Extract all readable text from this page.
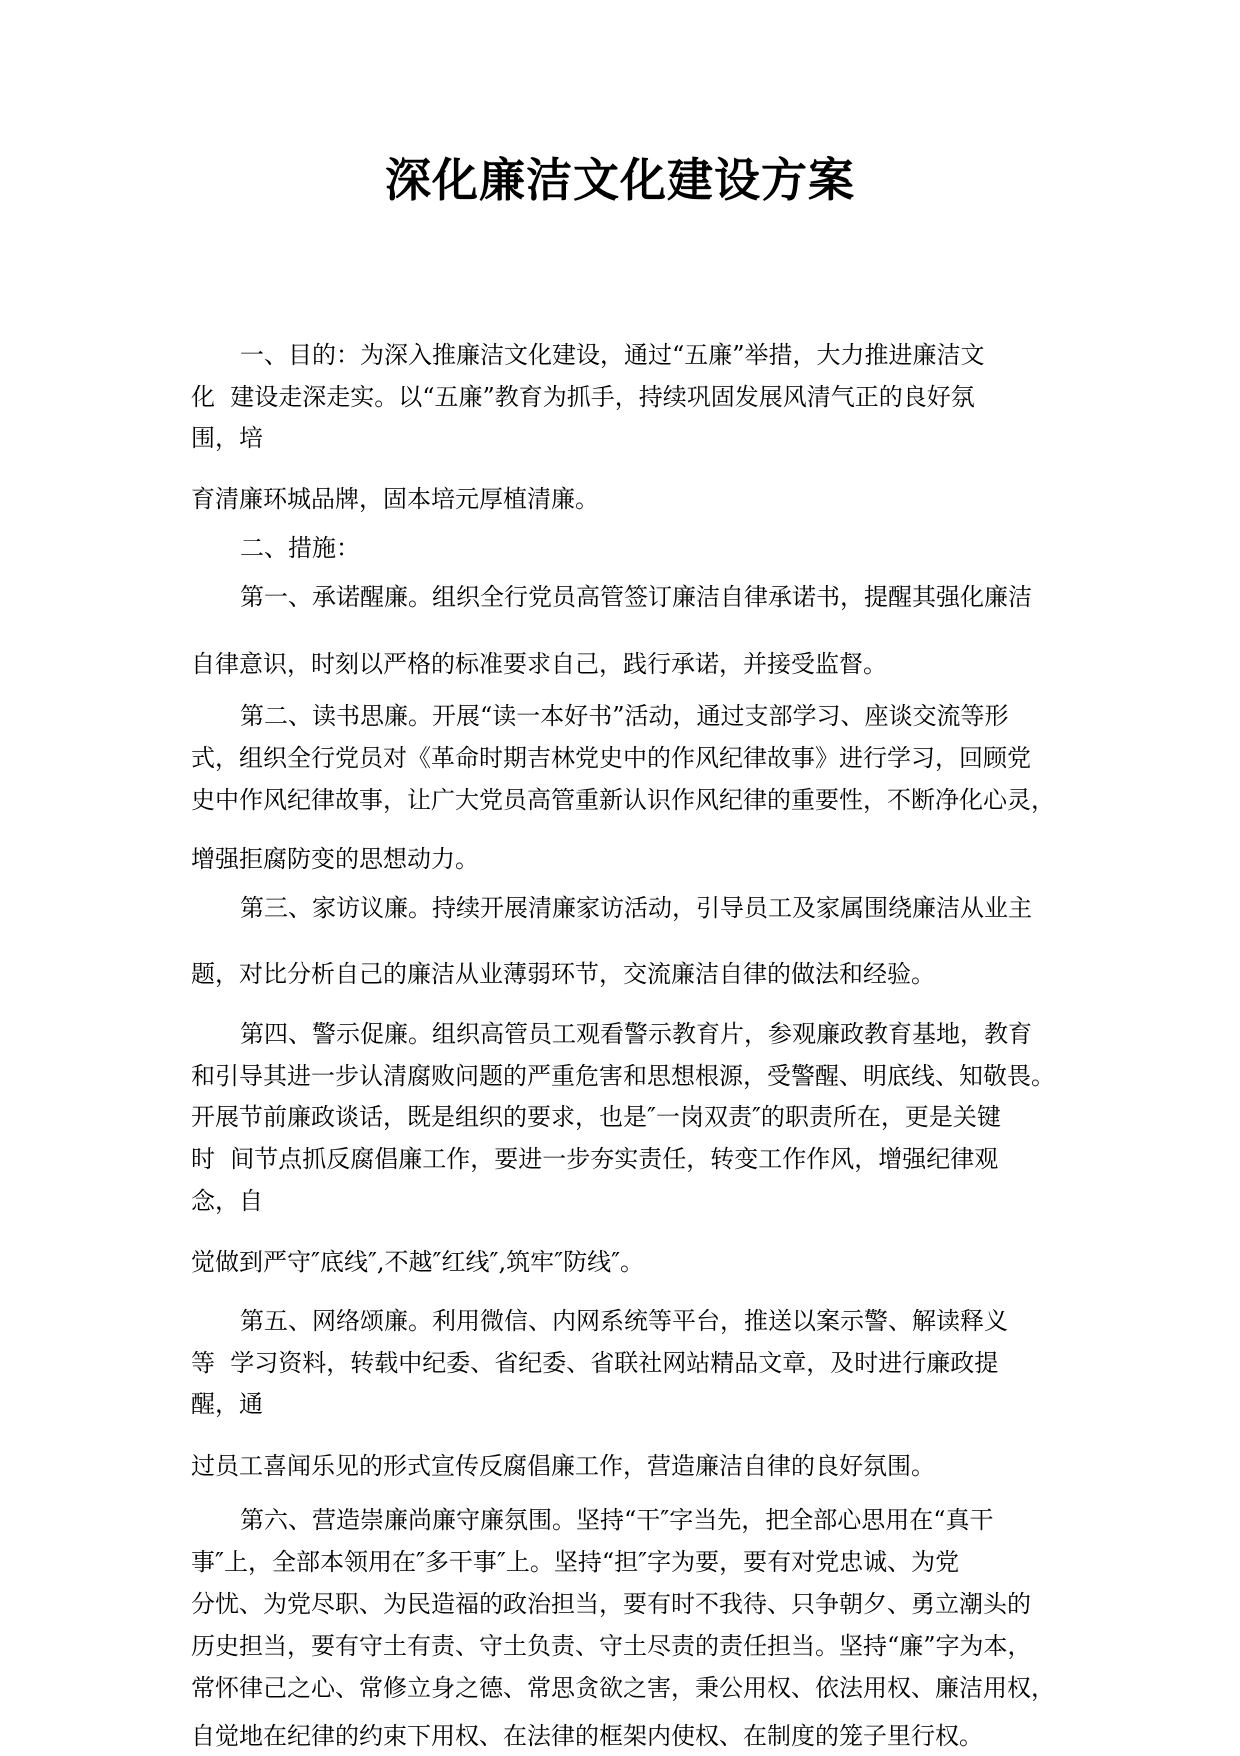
深化廉洁文化建设方案

一、目的：为深入推廉洁文化建设，通过“五廉”举措，大力推进廉洁文

化  建设走深走实。以“五廉”教育为抓手，持续巩固发展风清气正的良好氛

围，培

育清廉环城品牌，固本培元厚植清廉。

二、措施：

第一、承诺醒廉。组织全行党员高管签订廉洁自律承诺书，提醒其强化廉洁

自律意识，时刻以严格的标准要求自己，践行承诺，并接受监督。

第二、读书思廉。开展“读一本好书”活动，通过支部学习、座谈交流等形

式，组织全行党员对《革命时期吉林党史中的作风纪律故事》进行学习，回顾党

史中作风纪律故事，让广大党员高管重新认识作风纪律的重要性，不断净化心灵，

增强拒腐防变的思想动力。

第三、家访议廉。持续开展清廉家访活动，引导员工及家属围绕廉洁从业主

题，对比分析自己的廉洁从业薄弱环节，交流廉洁自律的做法和经验。

第四、警示促廉。组织高管员工观看警示教育片，参观廉政教育基地，教育

和引导其进一步认清腐败问题的严重危害和思想根源，受警醒、明底线、知敬畏。

开展节前廉政谈话，既是组织的要求，也是″一岗双责″的职责所在，更是关键

时  间节点抓反腐倡廉工作，要进一步夯实责任，转变工作作风，增强纪律观

念，自

觉做到严守″底线″,不越″红线″,筑牢″防线″。

第五、网络颂廉。利用微信、内网系统等平台，推送以案示警、解读释义

等  学习资料，转载中纪委、省纪委、省联社网站精品文章，及时进行廉政提

醒，通

过员工喜闻乐见的形式宣传反腐倡廉工作，营造廉洁自律的良好氛围。

第六、营造崇廉尚廉守廉氛围。坚持“干″字当先，把全部心思用在“真干

事″上，全部本领用在″多干事″上。坚持“担″字为要，要有对党忠诚、为党

分忧、为党尽职、为民造福的政治担当，要有时不我待、只争朝夕、勇立潮头的

历史担当，要有守土有责、守土负责、守土尽责的责任担当。坚持“廉”字为本，

常怀律己之心、常修立身之德、常思贪欲之害，秉公用权、依法用权、廉洁用权，

自觉地在纪律的约束下用权、在法律的框架内使权、在制度的笼子里行权。
